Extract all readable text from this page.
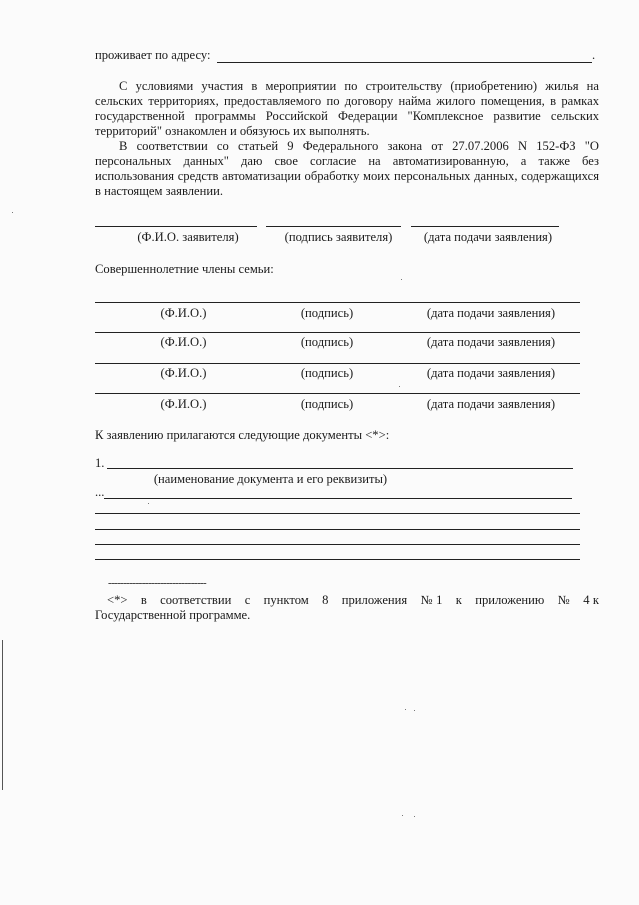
проживает по адресу:	.
С условиями участия в мероприятии по строительству (приобретению) жилья на сельских территориях, предоставляемого по договору найма жилого помещения, в рамках государственной программы Российской Федерации "Комплексное развитие сельских территорий" ознакомлен и обязуюсь их выполнять.
В соответствии со статьей 9 Федерального закона от 27.07.2006 N 152-ФЗ "О персональных данных" даю свое согласие на автоматизированную, а также без использования средств автоматизации обработку моих персональных данных, содержащихся в настоящем заявлении.
(Ф.И.О. заявителя)	(подпись заявителя)	(дата подачи заявления)
Совершеннолетние члены семьи:
(Ф.И.О.)	(подпись)	(дата подачи заявления)
(Ф.И.О.)	(подпись)	(дата подачи заявления)
(Ф.И.О.)	(подпись)	(дата подачи заявления)
(Ф.И.О.)	(подпись)	(дата подачи заявления)
К заявлению прилагаются следующие документы <*>:
1.
(наименование документа и его реквизиты)
...
--------------------------------
<*>    в    соответствии    с    пунктом    8    приложения    № 1    к    приложению    №    4 к Государственной программе.
